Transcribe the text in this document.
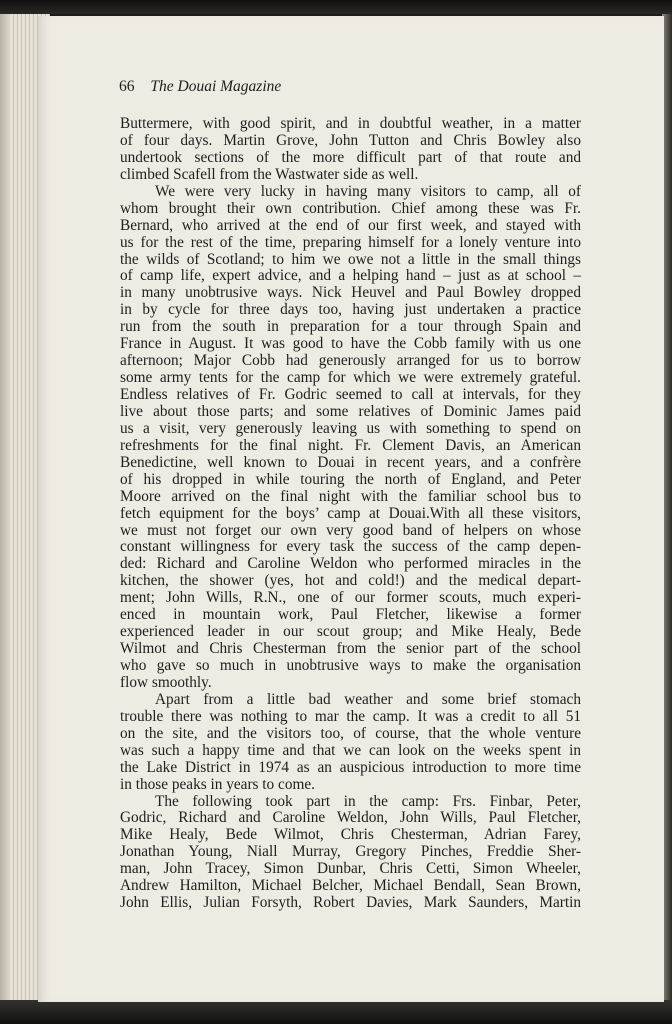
66 The Douai Magazine
Buttermere, with good spirit, and in doubtful weather, in a matter
of four days. Martin Grove, John Tutton and Chris Bowley also
undertook sections of the more difficult part of that route and
climbed Scafell from the Wastwater side as well.
We were very lucky in having many visitors to camp, all of
whom brought their own contribution. Chief among these was Fr.
Bernard, who arrived at the end of our first week, and stayed with
us for the rest of the time, preparing himself for a lonely venture into
the wilds of Scotland; to him we owe not a little in the small things
of camp life, expert advice, and a helping hand – just as at school –
in many unobtrusive ways. Nick Heuvel and Paul Bowley dropped
in by cycle for three days too, having just undertaken a practice
run from the south in preparation for a tour through Spain and
France in August. It was good to have the Cobb family with us one
afternoon; Major Cobb had generously arranged for us to borrow
some army tents for the camp for which we were extremely grateful.
Endless relatives of Fr. Godric seemed to call at intervals, for they
live about those parts; and some relatives of Dominic James paid
us a visit, very generously leaving us with something to spend on
refreshments for the final night. Fr. Clement Davis, an American
Benedictine, well known to Douai in recent years, and a confrère
of his dropped in while touring the north of England, and Peter
Moore arrived on the final night with the familiar school bus to
fetch equipment for the boys’ camp at Douai.With all these visitors,
we must not forget our own very good band of helpers on whose
constant willingness for every task the success of the camp depen-
ded: Richard and Caroline Weldon who performed miracles in the
kitchen, the shower (yes, hot and cold!) and the medical depart-
ment; John Wills, R.N., one of our former scouts, much experi-
enced in mountain work, Paul Fletcher, likewise a former
experienced leader in our scout group; and Mike Healy, Bede
Wilmot and Chris Chesterman from the senior part of the school
who gave so much in unobtrusive ways to make the organisation
flow smoothly.
Apart from a little bad weather and some brief stomach
trouble there was nothing to mar the camp. It was a credit to all 51
on the site, and the visitors too, of course, that the whole venture
was such a happy time and that we can look on the weeks spent in
the Lake District in 1974 as an auspicious introduction to more time
in those peaks in years to come.
The following took part in the camp: Frs. Finbar, Peter,
Godric, Richard and Caroline Weldon, John Wills, Paul Fletcher,
Mike Healy, Bede Wilmot, Chris Chesterman, Adrian Farey,
Jonathan Young, Niall Murray, Gregory Pinches, Freddie Sher-
man, John Tracey, Simon Dunbar, Chris Cetti, Simon Wheeler,
Andrew Hamilton, Michael Belcher, Michael Bendall, Sean Brown,
John Ellis, Julian Forsyth, Robert Davies, Mark Saunders, Martin
